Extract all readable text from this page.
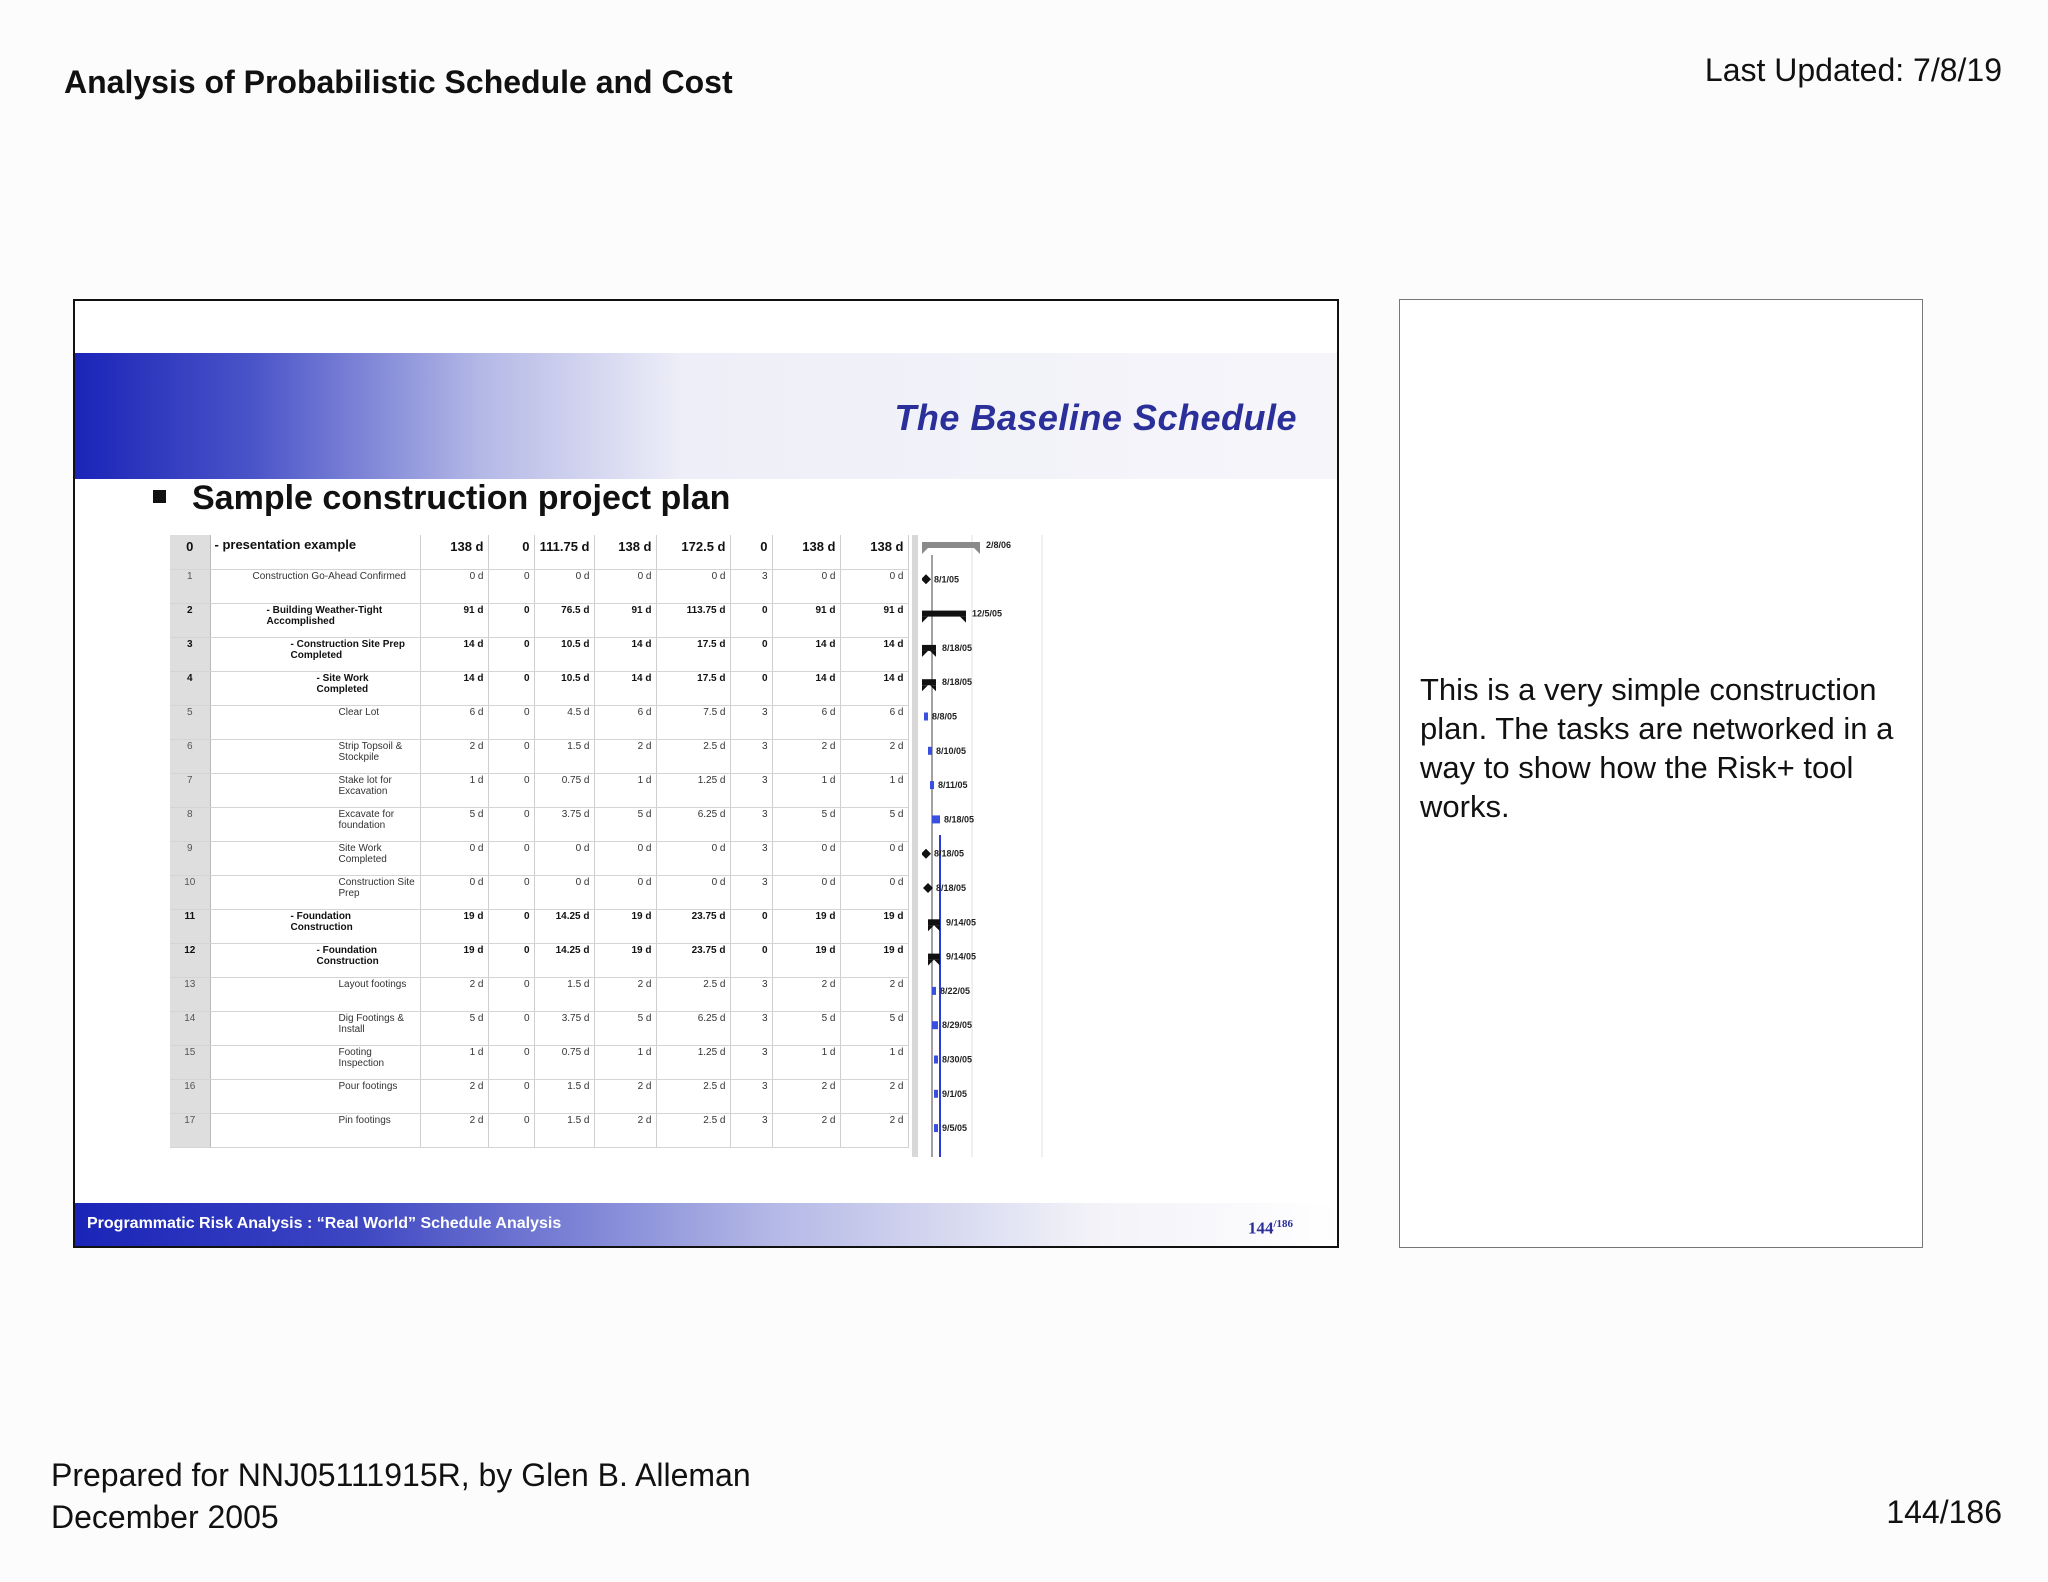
Analysis of Probabilistic Schedule and Cost	Last Updated: 7/8/19
The Baseline Schedule
Sample construction project plan
0	- presentation example	138 d	0	111.75 d	138 d	172.5 d	0	138 d	138 d
1	Construction Go-Ahead Confirmed	0 d	0	0 d	0 d	0 d	3	0 d	0 d
2	- Building Weather-Tight Accomplished	91 d	0	76.5 d	91 d	113.75 d	0	91 d	91 d
3	- Construction Site Prep Completed	14 d	0	10.5 d	14 d	17.5 d	0	14 d	14 d
4	- Site Work Completed	14 d	0	10.5 d	14 d	17.5 d	0	14 d	14 d
5	Clear Lot	6 d	0	4.5 d	6 d	7.5 d	3	6 d	6 d
6	Strip Topsoil & Stockpile	2 d	0	1.5 d	2 d	2.5 d	3	2 d	2 d
7	Stake lot for Excavation	1 d	0	0.75 d	1 d	1.25 d	3	1 d	1 d
8	Excavate for foundation	5 d	0	3.75 d	5 d	6.25 d	3	5 d	5 d
9	Site Work Completed	0 d	0	0 d	0 d	0 d	3	0 d	0 d
10	Construction Site Prep	0 d	0	0 d	0 d	0 d	3	0 d	0 d
11	- Foundation Construction	19 d	0	14.25 d	19 d	23.75 d	0	19 d	19 d
12	- Foundation Construction	19 d	0	14.25 d	19 d	23.75 d	0	19 d	19 d
13	Layout footings	2 d	0	1.5 d	2 d	2.5 d	3	2 d	2 d
14	Dig Footings & Install	5 d	0	3.75 d	5 d	6.25 d	3	5 d	5 d
15	Footing Inspection	1 d	0	0.75 d	1 d	1.25 d	3	1 d	1 d
16	Pour footings	2 d	0	1.5 d	2 d	2.5 d	3	2 d	2 d
17	Pin footings	2 d	0	1.5 d	2 d	2.5 d	3	2 d	2 d
2/8/06
8/1/05
12/5/05
8/18/05
8/18/05
8/8/05
8/10/05
8/11/05
8/18/05
8/18/05
8/18/05
9/14/05
9/14/05
8/22/05
8/29/05
8/30/05
9/1/05
9/5/05
Programmatic Risk Analysis : “Real World” Schedule Analysis	$144^{/186}$
This is a very simple construction plan. The tasks are networked in a way to show how the Risk+ tool works.
Prepared for NNJ05111915R, by Glen B. Alleman
December 2005	144/186
